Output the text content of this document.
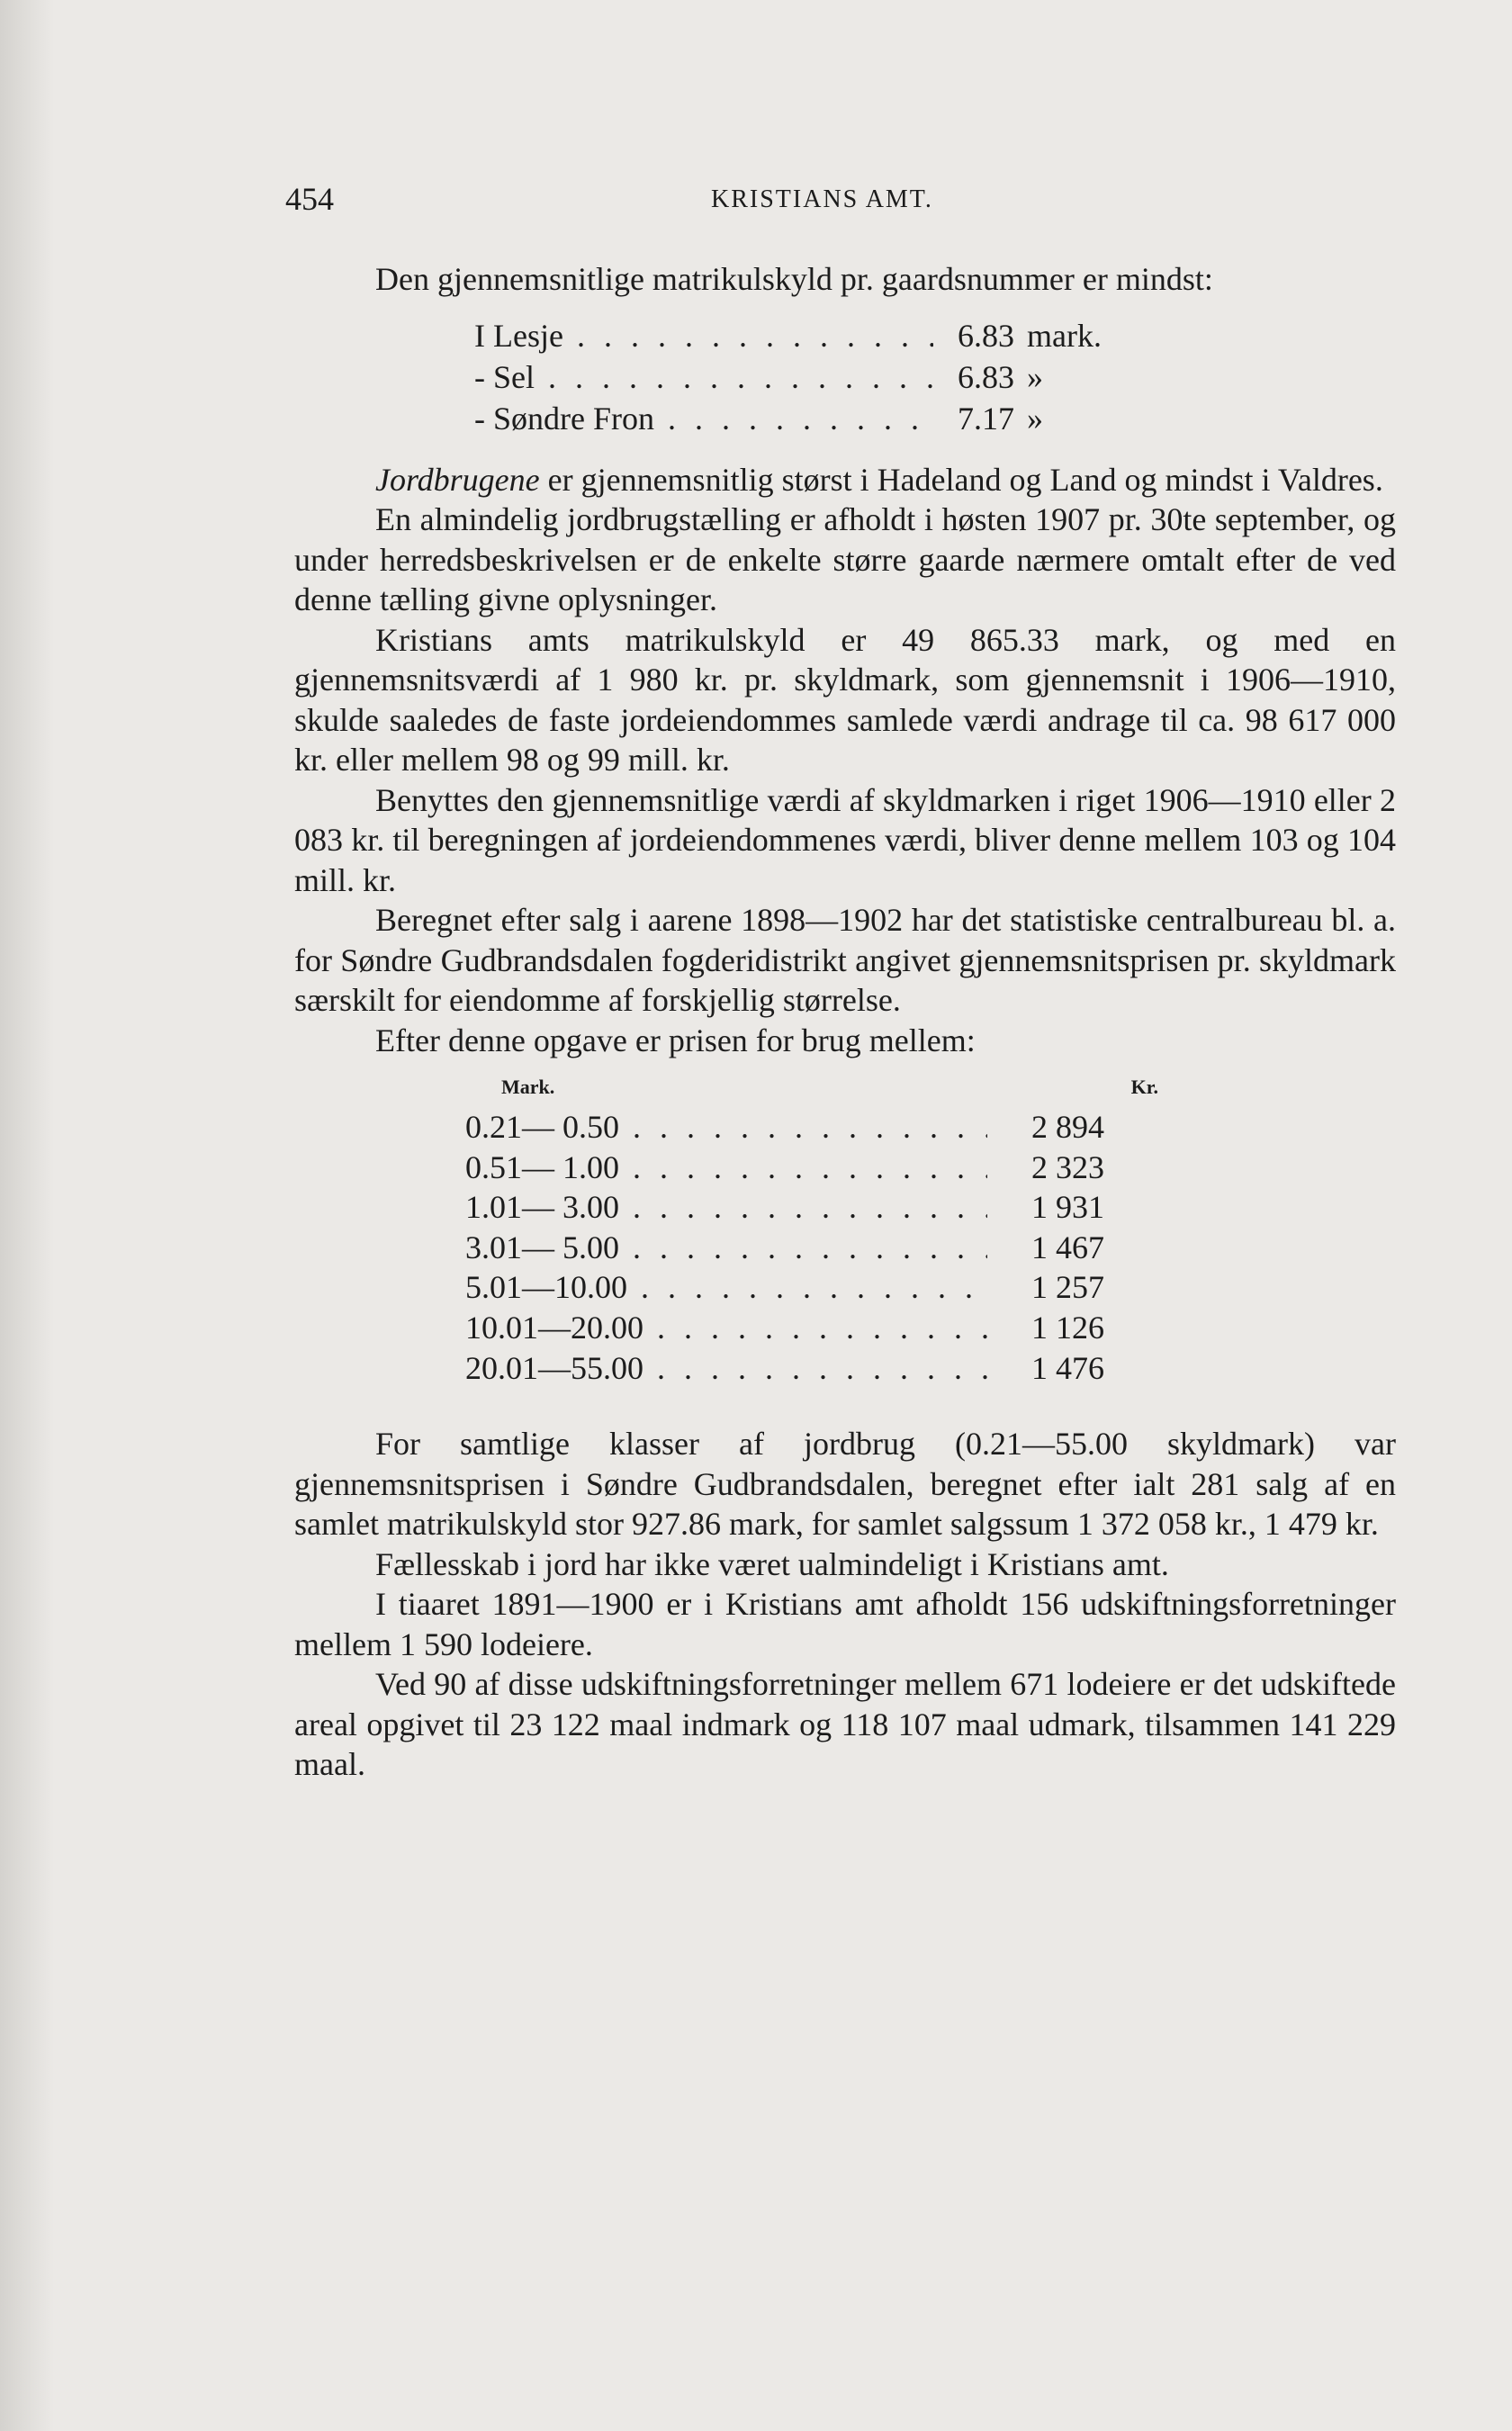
454	KRISTIANS AMT.

Den gjennemsnitlige matrikulskyld pr. gaardsnummer er mindst:

I Lesje . . .	6.83 mark.
- Sel . . .	6.83 »
- Søndre Fron . . .	7.17 »

Jordbrugene er gjennemsnitlig størst i Hadeland og Land og mindst i Valdres.

En almindelig jordbrugstælling er afholdt i høsten 1907 pr. 30te september, og under herredsbeskrivelsen er de enkelte større gaarde nærmere omtalt efter de ved denne tælling givne oplysninger.

Kristians amts matrikulskyld er 49 865.33 mark, og med en gjennemsnitsværdi af 1 980 kr. pr. skyldmark, som gjennemsnit i 1906—1910, skulde saaledes de faste jordeiendommes samlede værdi andrage til ca. 98 617 000 kr. eller mellem 98 og 99 mill. kr.

Benyttes den gjennemsnitlige værdi af skyldmarken i riget 1906—1910 eller 2 083 kr. til beregningen af jordeiendommenes værdi, bliver denne mellem 103 og 104 mill. kr.

Beregnet efter salg i aarene 1898—1902 har det statistiske centralbureau bl. a. for Søndre Gudbrandsdalen fogderidistrikt angivet gjennemsnitsprisen pr. skyldmark særskilt for eiendomme af forskjellig størrelse.

Efter denne opgave er prisen for brug mellem:

Mark.	Kr.
0.21— 0.50 . . .	2 894
0.51— 1.00 . . .	2 323
1.01— 3.00 . . .	1 931
3.01— 5.00 . . .	1 467
5.01—10.00 . . .	1 257
10.01—20.00 . . .	1 126
20.01—55.00 . . .	1 476

For samtlige klasser af jordbrug (0.21—55.00 skyldmark) var gjennemsnitsprisen i Søndre Gudbrandsdalen, beregnet efter ialt 281 salg af en samlet matrikulskyld stor 927.86 mark, for samlet salgssum 1 372 058 kr., 1 479 kr.

Fællesskab i jord har ikke været ualmindeligt i Kristians amt.

I tiaaret 1891—1900 er i Kristians amt afholdt 156 udskiftningsforretninger mellem 1 590 lodeiere.

Ved 90 af disse udskiftningsforretninger mellem 671 lodeiere er det udskiftede areal opgivet til 23 122 maal indmark og 118 107 maal udmark, tilsammen 141 229 maal.
